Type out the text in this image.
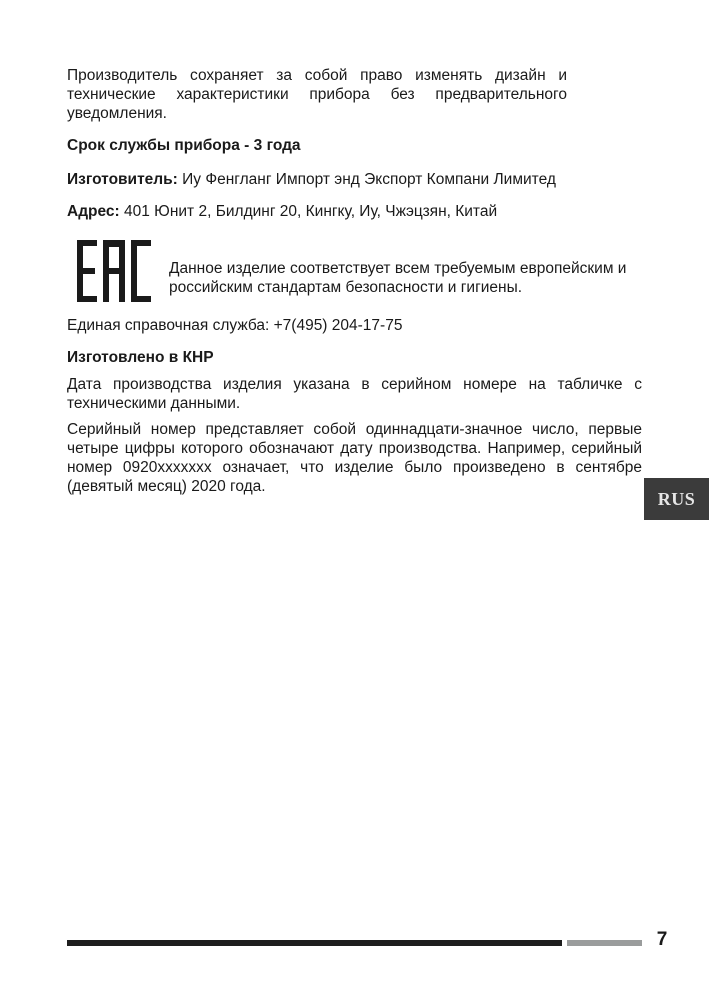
Производитель сохраняет за собой право изменять дизайн и технические характеристики прибора без предварительного уведомления.

Срок службы прибора - 3 года

Изготовитель: Иу Фенгланг Импорт энд Экспорт Компани Лимитед

Адрес: 401 Юнит 2, Билдинг 20, Кингку, Иу, Чжэцзян, Китай

Данное изделие соответствует всем требуемым европейским и российским стандартам безопасности и гигиены.

Единая справочная служба: +7(495) 204-17-75

Изготовлено в КНР

Дата производства изделия указана в серийном номере на табличке с техническими данными.

Серийный номер представляет собой одиннадцати-значное число, первые четыре цифры которого обозначают дату производства. Например, серийный номер 0920xxxxxxx означает, что изделие было произведено в сентябре (девятый месяц) 2020 года.

RUS
7
